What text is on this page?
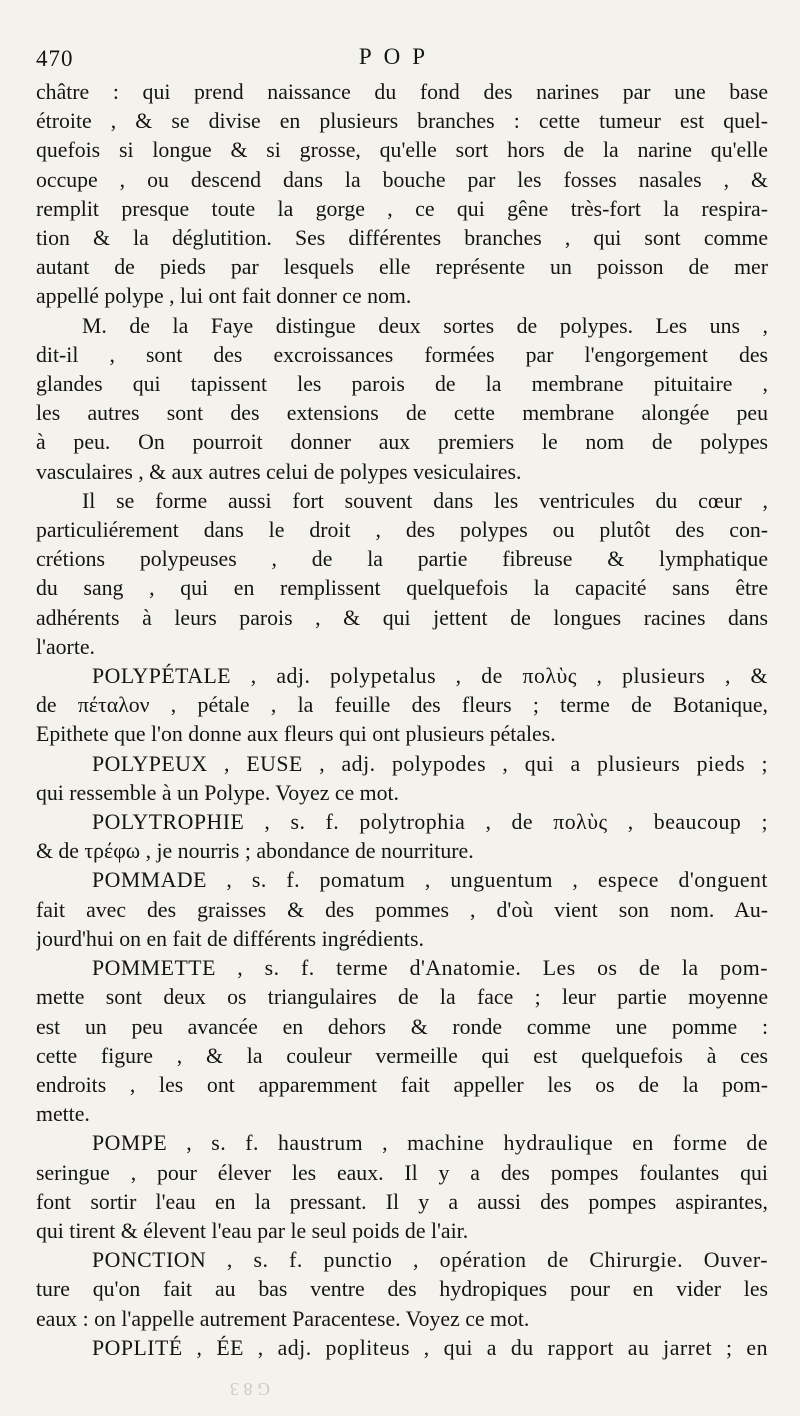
470	POP
châtre : qui prend naissance du fond des narines par une base
étroite , & se divise en plusieurs branches : cette tumeur est quel-
quefois si longue & si grosse, qu'elle sort hors de la narine qu'elle
occupe , ou descend dans la bouche par les fosses nasales , &
remplit presque toute la gorge , ce qui gêne très-fort la respira-
tion & la déglutition. Ses différentes branches , qui sont comme
autant de pieds par lesquels elle représente un poisson de mer
appellé polype , lui ont fait donner ce nom.
M. de la Faye distingue deux sortes de polypes. Les uns ,
dit-il , sont des excroissances formées par l'engorgement des
glandes qui tapissent les parois de la membrane pituitaire ,
les autres sont des extensions de cette membrane alongée peu
à peu. On pourroit donner aux premiers le nom de polypes
vasculaires , & aux autres celui de polypes vesiculaires.
Il se forme aussi fort souvent dans les ventricules du cœur ,
particuliérement dans le droit , des polypes ou plutôt des con-
crétions polypeuses , de la partie fibreuse & lymphatique
du sang , qui en remplissent quelquefois la capacité sans être
adhérents à leurs parois , & qui jettent de longues racines dans
l'aorte.
POLYPÉTALE , adj. polypetalus , de πολὺς , plusieurs , &
de πέταλον , pétale , la feuille des fleurs ; terme de Botanique,
Epithete que l'on donne aux fleurs qui ont plusieurs pétales.
POLYPEUX , EUSE , adj. polypodes , qui a plusieurs pieds ;
qui ressemble à un Polype. Voyez ce mot.
POLYTROPHIE , s. f. polytrophia , de πολὺς , beaucoup ;
& de τρέφω , je nourris ; abondance de nourriture.
POMMADE , s. f. pomatum , unguentum , espece d'onguent
fait avec des graisses & des pommes , d'où vient son nom. Au-
jourd'hui on en fait de différents ingrédients.
POMMETTE , s. f. terme d'Anatomie. Les os de la pom-
mette sont deux os triangulaires de la face ; leur partie moyenne
est un peu avancée en dehors & ronde comme une pomme :
cette figure , & la couleur vermeille qui est quelquefois à ces
endroits , les ont apparemment fait appeller les os de la pom-
mette.
POMPE , s. f. haustrum , machine hydraulique en forme de
seringue , pour élever les eaux. Il y a des pompes foulantes qui
font sortir l'eau en la pressant. Il y a aussi des pompes aspirantes,
qui tirent & élevent l'eau par le seul poids de l'air.
PONCTION , s. f. punctio , opération de Chirurgie. Ouver-
ture qu'on fait au bas ventre des hydropiques pour en vider les
eaux : on l'appelle autrement Paracentese. Voyez ce mot.
POPLITÉ , ÉE , adj. popliteus , qui a du rapport au jarret ; en
G 8 3
